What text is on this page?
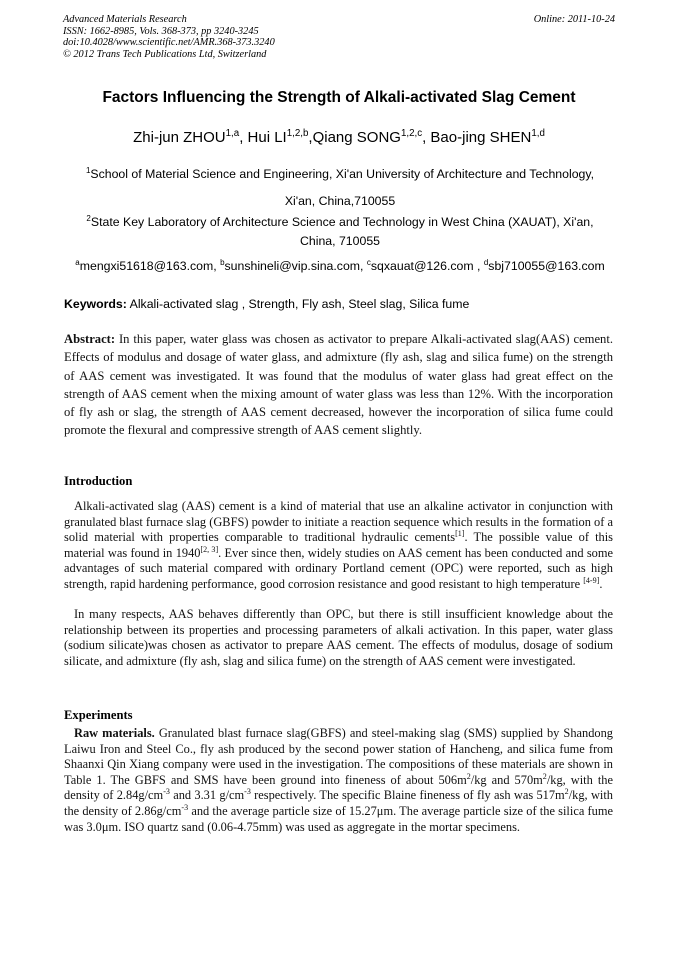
Advanced Materials Research
ISSN: 1662-8985, Vols. 368-373, pp 3240-3245
doi:10.4028/www.scientific.net/AMR.368-373.3240
© 2012 Trans Tech Publications Ltd, Switzerland
Online: 2011-10-24
Factors Influencing the Strength of Alkali-activated Slag Cement
Zhi-jun ZHOU$^{1,a}$, Hui LI$^{1,2,b}$,Qiang SONG$^{1,2,c}$, Bao-jing SHEN$^{1,d}$
$^1$School of Material Science and Engineering, Xi'an University of Architecture and Technology,
Xi'an, China,710055
$^2$State Key Laboratory of Architecture Science and Technology in West China (XAUAT), Xi'an,
China, 710055
$^a$mengxi51618@163.com, $^b$sunshineli@vip.sina.com, $^c$sqxauat@126.com , $^d$sbj710055@163.com
Keywords: Alkali-activated slag , Strength, Fly ash, Steel slag, Silica fume
Abstract: In this paper, water glass was chosen as activator to prepare Alkali-activated slag(AAS) cement. Effects of modulus and dosage of water glass, and admixture (fly ash, slag and silica fume) on the strength of AAS cement was investigated. It was found that the modulus of water glass had great effect on the strength of AAS cement when the mixing amount of water glass was less than 12%. With the incorporation of fly ash or slag, the strength of AAS cement decreased, however the incorporation of silica fume could promote the flexural and compressive strength of AAS cement slightly.
Introduction
Alkali-activated slag (AAS) cement is a kind of material that use an alkaline activator in conjunction with granulated blast furnace slag (GBFS) powder to initiate a reaction sequence which results in the formation of a solid material with properties comparable to traditional hydraulic cements[1]. The possible value of this material was found in 1940[2, 3]. Ever since then, widely studies on AAS cement has been conducted and some advantages of such material compared with ordinary Portland cement (OPC) were reported, such as high strength, rapid hardening performance, good corrosion resistance and good resistant to high temperature [4-9].
In many respects, AAS behaves differently than OPC, but there is still insufficient knowledge about the relationship between its properties and processing parameters of alkali activation. In this paper, water glass (sodium silicate)was chosen as activator to prepare AAS cement. The effects of modulus, dosage of sodium silicate, and admixture (fly ash, slag and silica fume) on the strength of AAS cement were investigated.
Experiments
Raw materials. Granulated blast furnace slag(GBFS) and steel-making slag (SMS) supplied by Shandong Laiwu Iron and Steel Co., fly ash produced by the second power station of Hancheng, and silica fume from Shaanxi Qin Xiang company were used in the investigation. The compositions of these materials are shown in Table 1. The GBFS and SMS have been ground into fineness of about $506m^2/kg$ and $570m^2/kg$, with the density of $2.84g/cm^{-3}$ and 3.31 $g/cm^{-3}$ respectively. The specific Blaine fineness of fly ash was $517m^2/kg$, with the density of $2.86g/cm^{-3}$ and the average particle size of 15.27μm. The average particle size of the silica fume was 3.0μm. ISO quartz sand (0.06-4.75mm) was used as aggregate in the mortar specimens.
